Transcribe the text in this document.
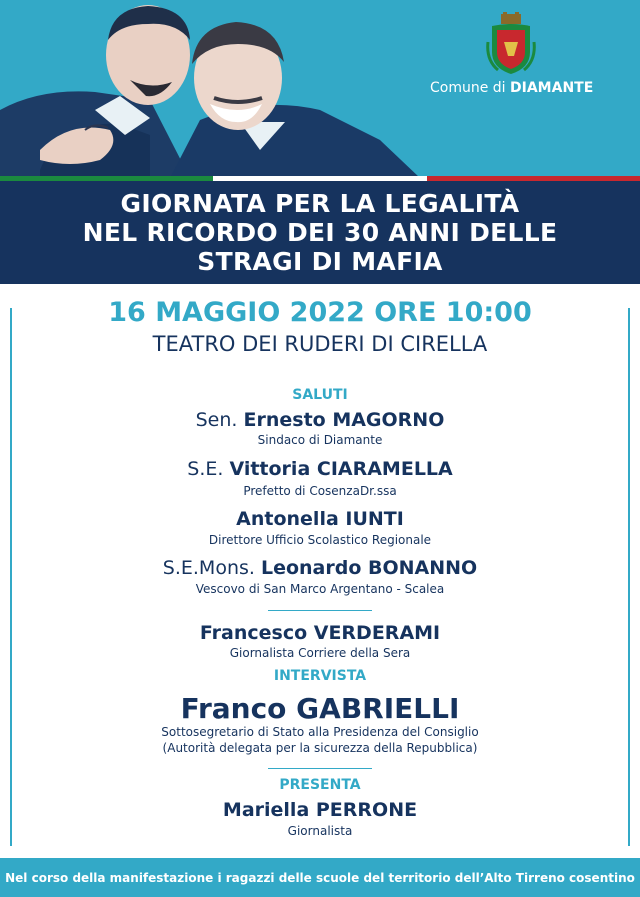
Comune di DIAMANTE
GIORNATA PER LA LEGALITÀ
NEL RICORDO DEI 30 ANNI DELLE
STRAGI DI MAFIA
16 MAGGIO 2022 ORE 10:00
TEATRO DEI RUDERI DI CIRELLA
SALUTI
Sen. Ernesto MAGORNO
Sindaco di Diamante
S.E. Vittoria CIARAMELLA
Prefetto di CosenzaDr.ssa
Antonella IUNTI
Direttore Ufficio Scolastico Regionale
S.E.Mons. Leonardo BONANNO
Vescovo di San Marco Argentano - Scalea
Francesco VERDERAMI
Giornalista Corriere della Sera
INTERVISTA
Franco GABRIELLI
Sottosegretario di Stato alla Presidenza del Consiglio
(Autorità delegata per la sicurezza della Repubblica)
PRESENTA
Mariella PERRONE
Giornalista
Nel corso della manifestazione i ragazzi delle scuole del territorio dell’Alto Tirreno cosentino
